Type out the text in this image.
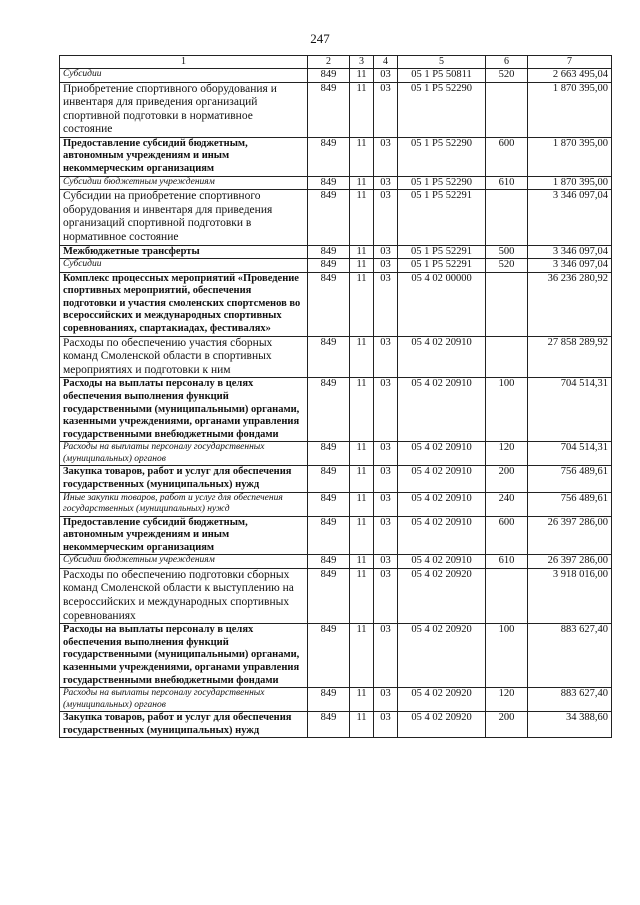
247
1	2	3	4	5	6	7
Субсидии	849	11	03	05 1 P5 50811	520	2 663 495,04
Приобретение спортивного оборудования и инвентаря для приведения организаций спортивной подготовки в нормативное состояние	849	11	03	05 1 P5 52290		1 870 395,00
Предоставление субсидий бюджетным, автономным учреждениям и иным некоммерческим организациям	849	11	03	05 1 P5 52290	600	1 870 395,00
Субсидии бюджетным учреждениям	849	11	03	05 1 P5 52290	610	1 870 395,00
Субсидии на приобретение спортивного оборудования и инвентаря для приведения организаций спортивной подготовки в нормативное состояние	849	11	03	05 1 P5 52291		3 346 097,04
Межбюджетные трансферты	849	11	03	05 1 P5 52291	500	3 346 097,04
Субсидии	849	11	03	05 1 P5 52291	520	3 346 097,04
Комплекс процессных мероприятий «Проведение спортивных мероприятий, обеспечения подготовки и участия смоленских спортсменов во всероссийских и международных спортивных соревнованиях, спартакиадах, фестивалях»	849	11	03	05 4 02 00000		36 236 280,92
Расходы по обеспечению участия сборных команд Смоленской области в спортивных мероприятиях и подготовки к ним	849	11	03	05 4 02 20910		27 858 289,92
Расходы на выплаты персоналу в целях обеспечения выполнения функций государственными (муниципальными) органами, казенными учреждениями, органами управления государственными внебюджетными фондами	849	11	03	05 4 02 20910	100	704 514,31
Расходы на выплаты персоналу государственных (муниципальных) органов	849	11	03	05 4 02 20910	120	704 514,31
Закупка товаров, работ и услуг для обеспечения государственных (муниципальных) нужд	849	11	03	05 4 02 20910	200	756 489,61
Иные закупки товаров, работ и услуг для обеспечения государственных (муниципальных) нужд	849	11	03	05 4 02 20910	240	756 489,61
Предоставление субсидий бюджетным, автономным учреждениям и иным некоммерческим организациям	849	11	03	05 4 02 20910	600	26 397 286,00
Субсидии бюджетным учреждениям	849	11	03	05 4 02 20910	610	26 397 286,00
Расходы по обеспечению подготовки сборных команд Смоленской области к выступлению на всероссийских и международных спортивных соревнованиях	849	11	03	05 4 02 20920		3 918 016,00
Расходы на выплаты персоналу в целях обеспечения выполнения функций государственными (муниципальными) органами, казенными учреждениями, органами управления государственными внебюджетными фондами	849	11	03	05 4 02 20920	100	883 627,40
Расходы на выплаты персоналу государственных (муниципальных) органов	849	11	03	05 4 02 20920	120	883 627,40
Закупка товаров, работ и услуг для обеспечения государственных (муниципальных) нужд	849	11	03	05 4 02 20920	200	34 388,60
